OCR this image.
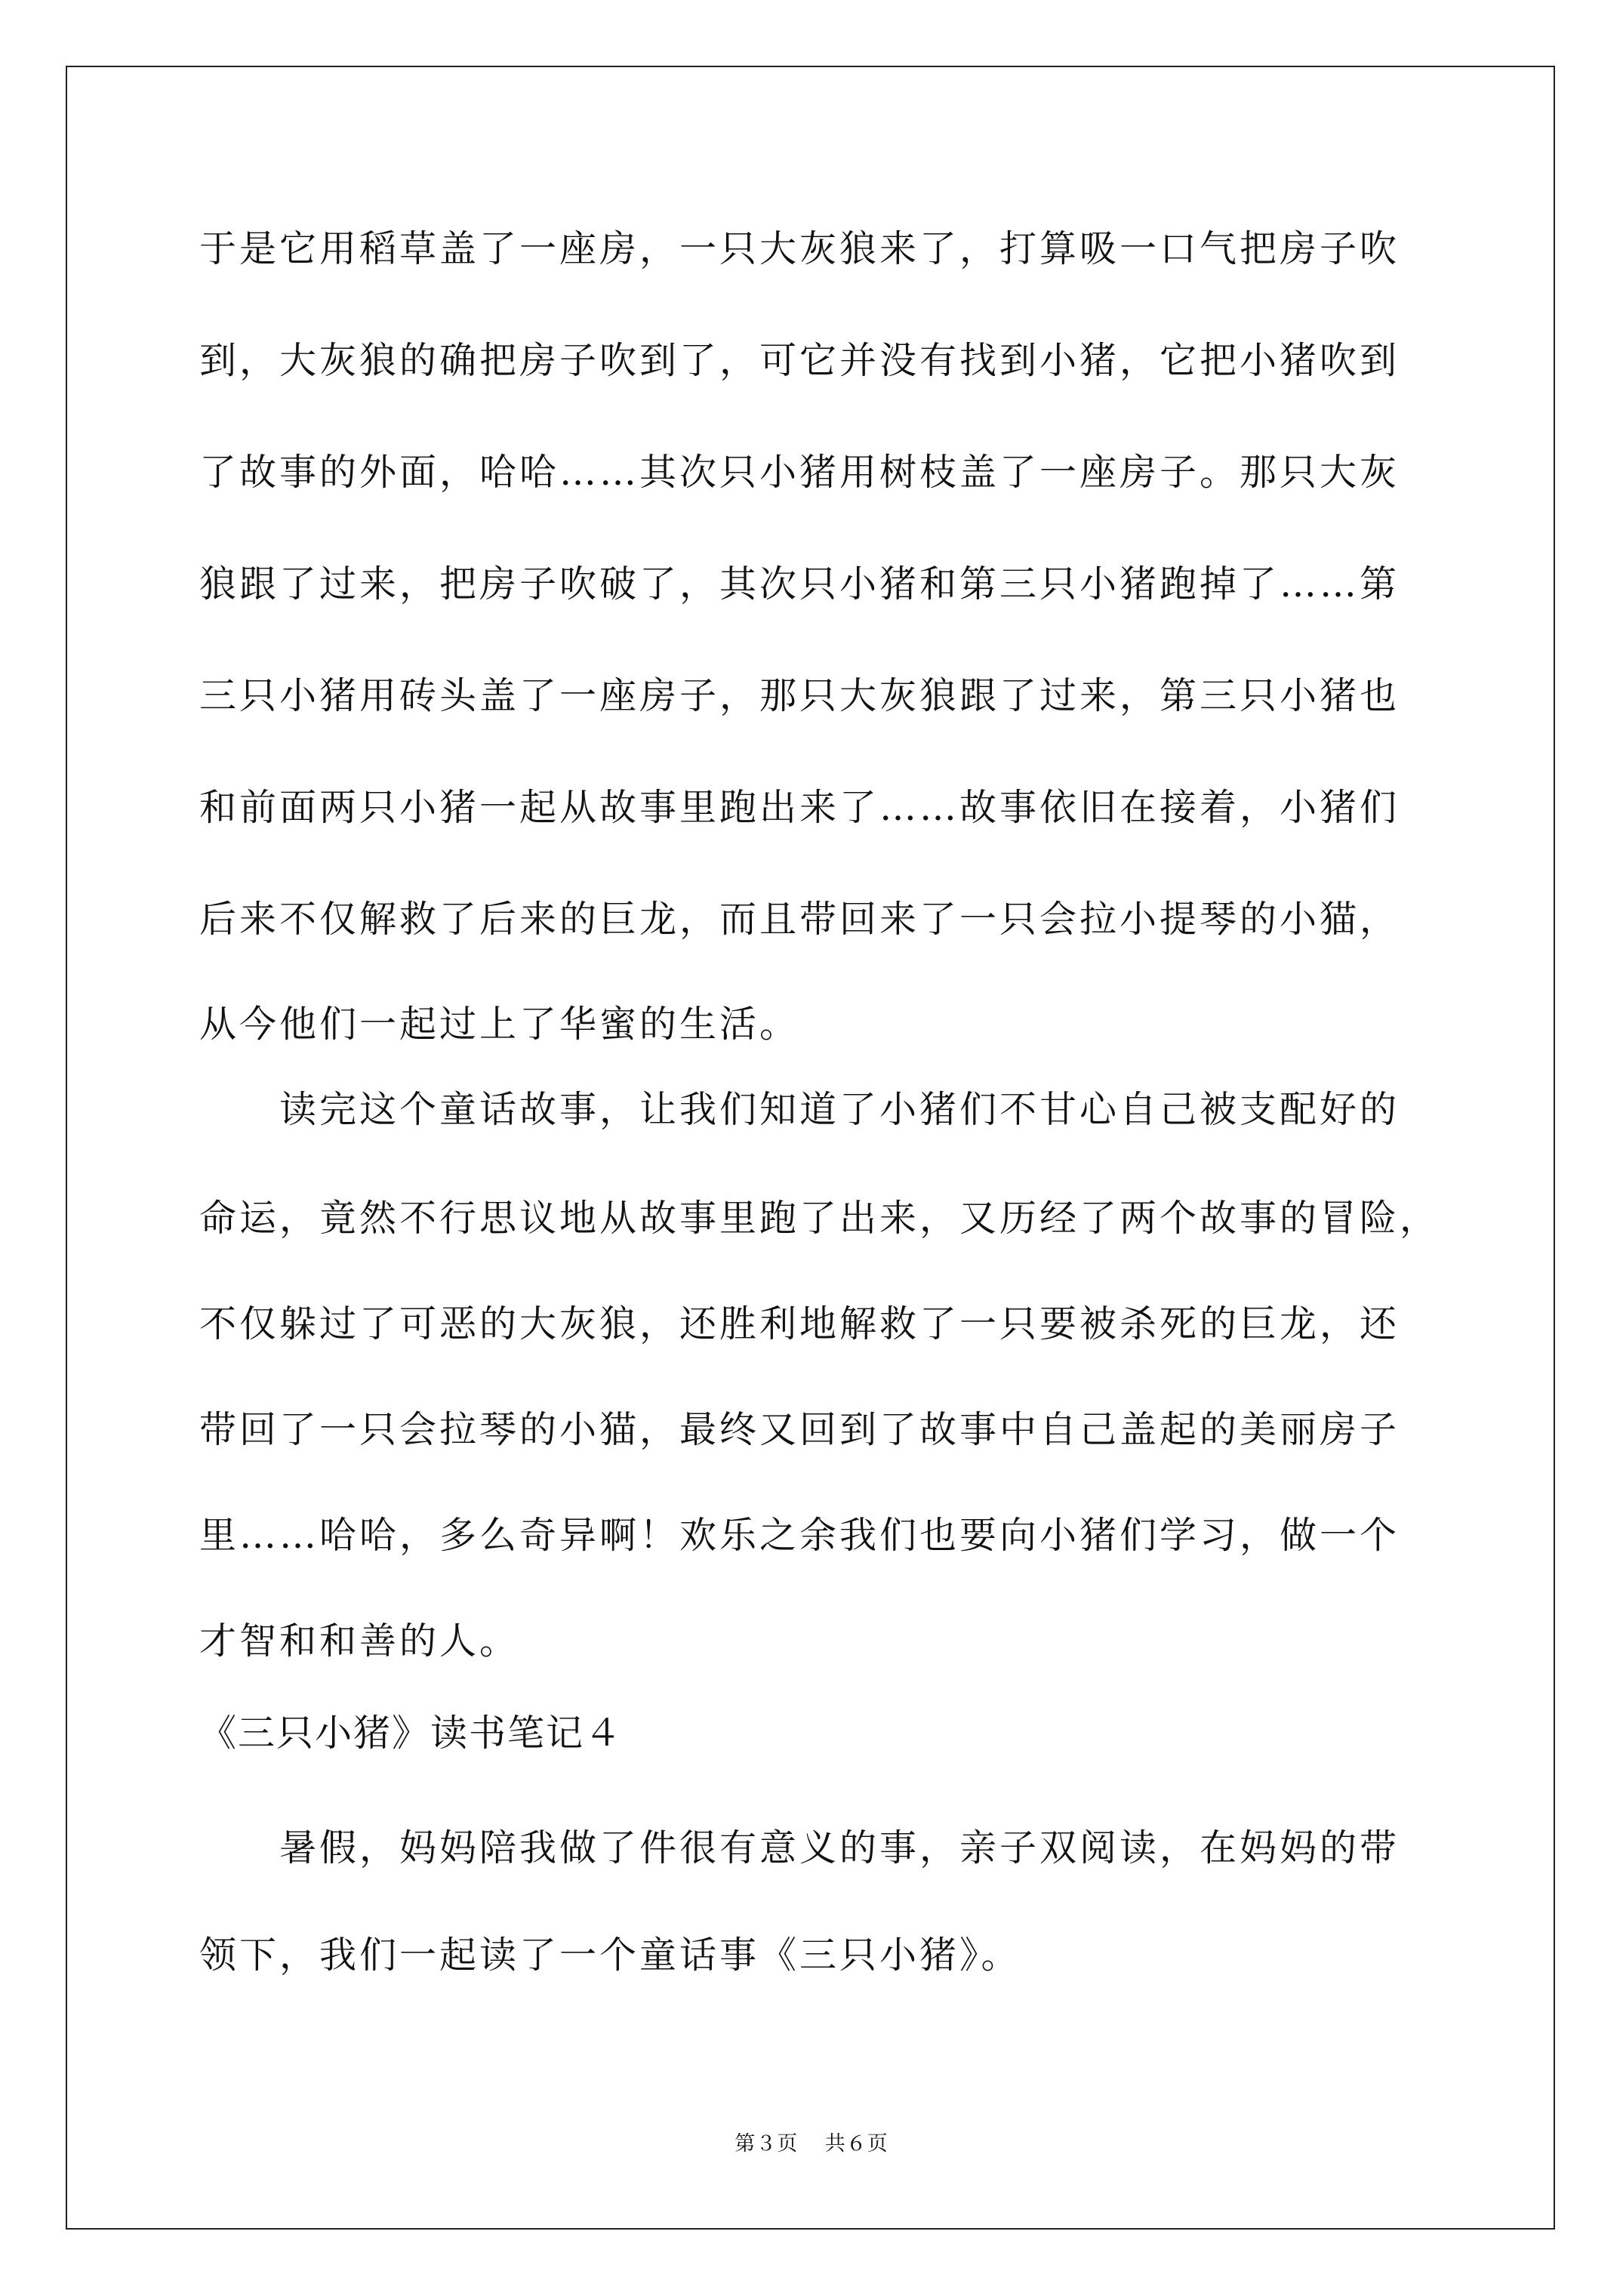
于是它用稻草盖了一座房，一只大灰狼来了，打算吸一口气把房子吹
到，大灰狼的确把房子吹到了，可它并没有找到小猪，它把小猪吹到
了故事的外面，哈哈……其次只小猪用树枝盖了一座房子。那只大灰
狼跟了过来，把房子吹破了，其次只小猪和第三只小猪跑掉了……第
三只小猪用砖头盖了一座房子，那只大灰狼跟了过来，第三只小猪也
和前面两只小猪一起从故事里跑出来了……故事依旧在接着，小猪们
后来不仅解救了后来的巨龙，而且带回来了一只会拉小提琴的小猫，
从今他们一起过上了华蜜的生活。
读完这个童话故事，让我们知道了小猪们不甘心自己被支配好的
命运，竟然不行思议地从故事里跑了出来，又历经了两个故事的冒险，
不仅躲过了可恶的大灰狼，还胜利地解救了一只要被杀死的巨龙，还
带回了一只会拉琴的小猫，最终又回到了故事中自己盖起的美丽房子
里……哈哈，多么奇异啊！欢乐之余我们也要向小猪们学习，做一个
才智和和善的人。
《三只小猪》读书笔记４
暑假，妈妈陪我做了件很有意义的事，亲子双阅读，在妈妈的带
领下，我们一起读了一个童话事《三只小猪》。
第３页 共６页
